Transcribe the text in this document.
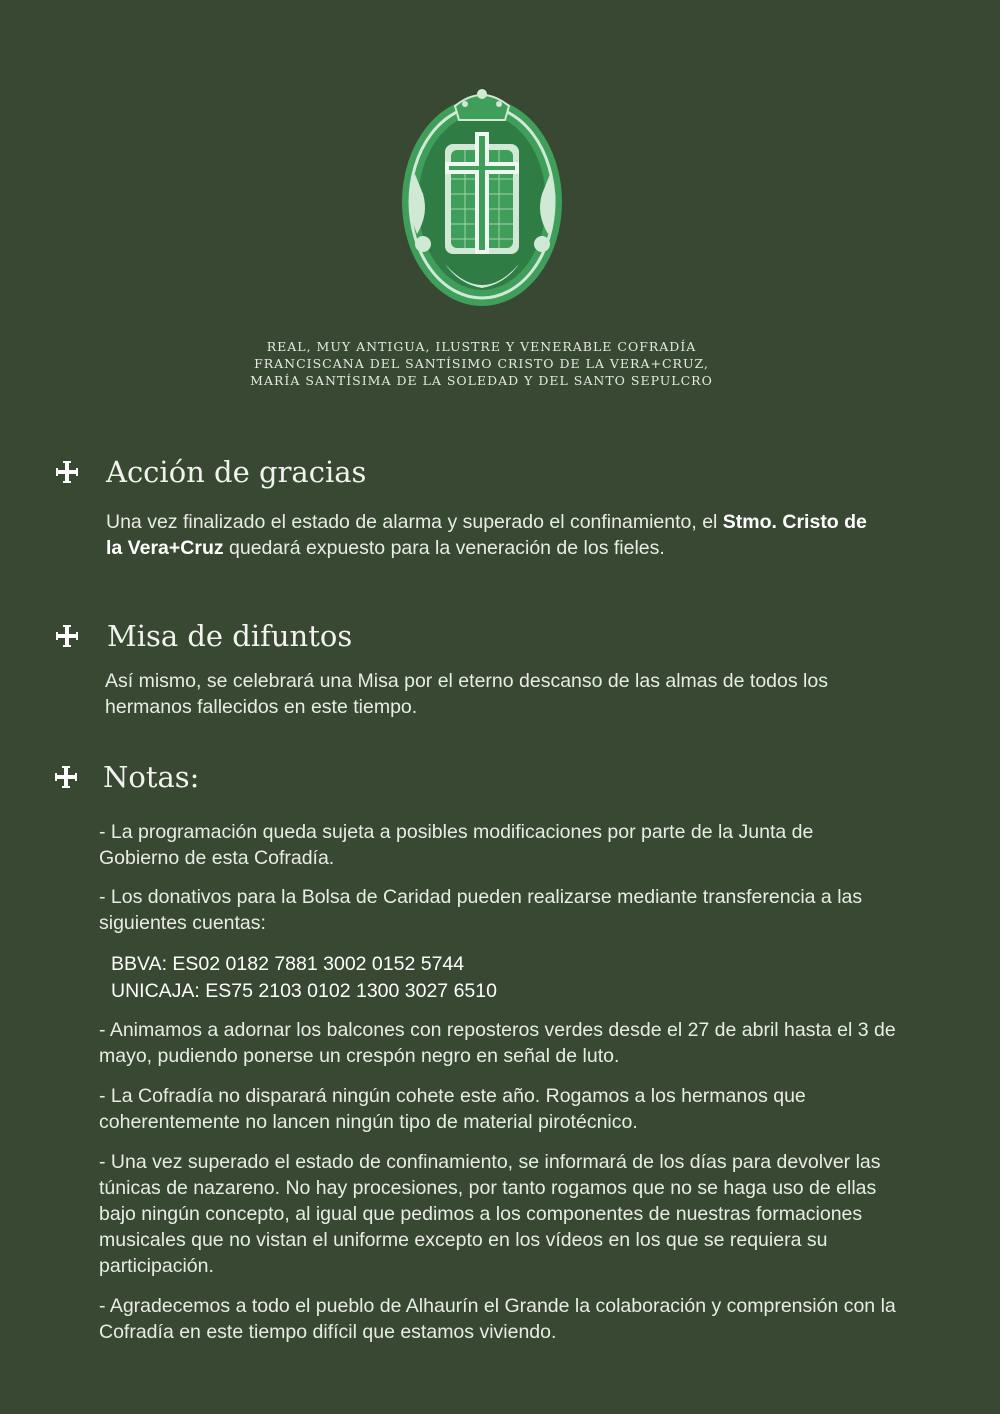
REAL, MUY ANTIGUA, ILUSTRE Y VENERABLE COFRADÍA
FRANCISCANA DEL SANTÍSIMO CRISTO DE LA VERA+CRUZ,
MARÍA SANTÍSIMA DE LA SOLEDAD Y DEL SANTO SEPULCRO
Acción de gracias
Una vez finalizado el estado de alarma y superado el confinamiento, el Stmo. Cristo de la Vera+Cruz quedará expuesto para la veneración de los fieles.
Misa de difuntos
Así mismo, se celebrará una Misa por el eterno descanso de las almas de todos los hermanos fallecidos en este tiempo.
Notas:
- La programación queda sujeta a posibles modificaciones por parte de la Junta de Gobierno de esta Cofradía.
- Los donativos para la Bolsa de Caridad pueden realizarse mediante transferencia a las siguientes cuentas:
BBVA: ES02 0182 7881 3002 0152 5744
UNICAJA: ES75 2103 0102 1300 3027 6510
- Animamos a adornar los balcones con reposteros verdes desde el 27 de abril hasta el 3 de mayo, pudiendo ponerse un crespón negro en señal de luto.
- La Cofradía no disparará ningún cohete este año. Rogamos a los hermanos que coherentemente no lancen ningún tipo de material pirotécnico.
- Una vez superado el estado de confinamiento, se informará de los días para devolver las túnicas de nazareno. No hay procesiones, por tanto rogamos que no se haga uso de ellas bajo ningún concepto, al igual que pedimos a los componentes de nuestras formaciones musicales que no vistan el uniforme excepto en los vídeos en los que se requiera su participación.
- Agradecemos a todo el pueblo de Alhaurín el Grande la colaboración y comprensión con la Cofradía en este tiempo difícil que estamos viviendo.
